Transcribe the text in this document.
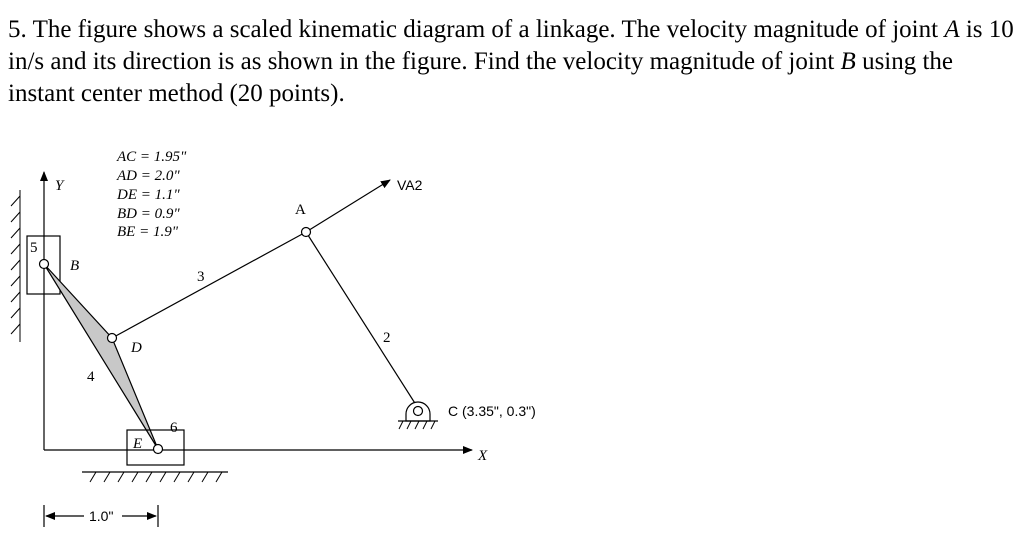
5. The figure shows a scaled kinematic diagram of a linkage. The velocity magnitude of joint A is 10 in/s and its direction is as shown in the figure. Find the velocity magnitude of joint B using the instant center method (20 points).

Y
X
AC = 1.95"
AD = 2.0"
DE = 1.1"
BD = 0.9"
BE = 1.9"
5
4
3
2
VA2
C (3.35", 0.3")
6
E
B
D
A
1.0"
